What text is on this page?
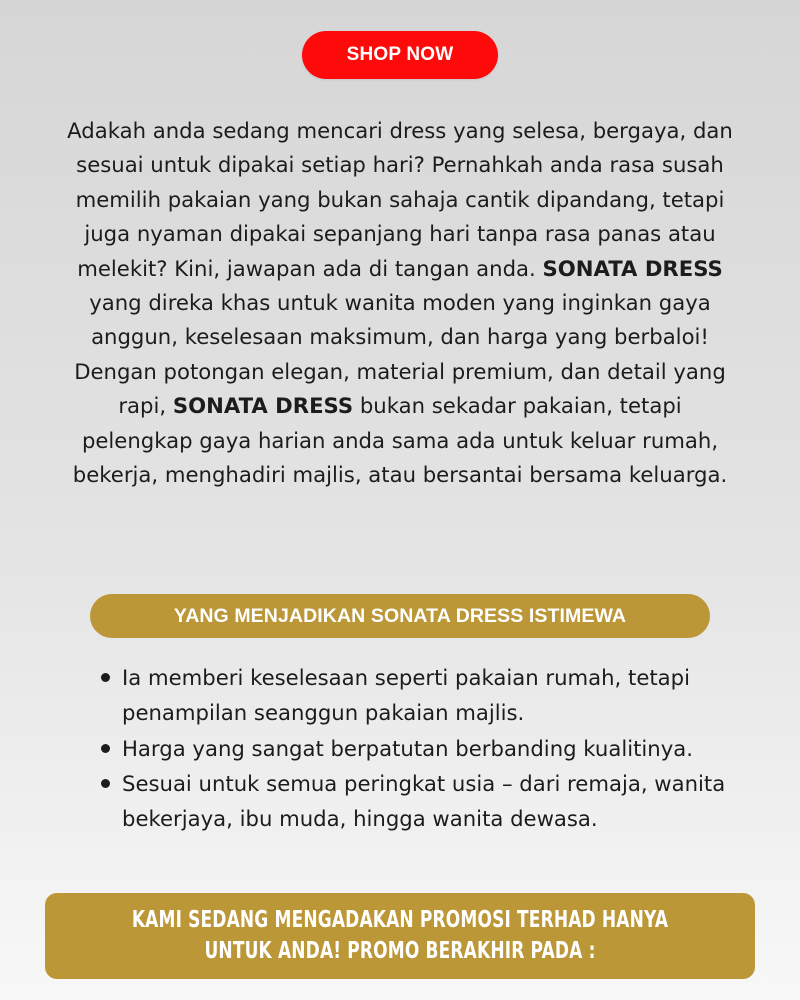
SHOP NOW

Adakah anda sedang mencari dress yang selesa, bergaya, dan sesuai untuk dipakai setiap hari? Pernahkah anda rasa susah memilih pakaian yang bukan sahaja cantik dipandang, tetapi juga nyaman dipakai sepanjang hari tanpa rasa panas atau melekit? Kini, jawapan ada di tangan anda. SONATA DRESS yang direka khas untuk wanita moden yang inginkan gaya anggun, keselesaan maksimum, dan harga yang berbaloi! Dengan potongan elegan, material premium, dan detail yang rapi, SONATA DRESS bukan sekadar pakaian, tetapi pelengkap gaya harian anda sama ada untuk keluar rumah, bekerja, menghadiri majlis, atau bersantai bersama keluarga.

YANG MENJADIKAN SONATA DRESS ISTIMEWA
Ia memberi keselesaan seperti pakaian rumah, tetapi penampilan seanggun pakaian majlis.
Harga yang sangat berpatutan berbanding kualitinya.
Sesuai untuk semua peringkat usia – dari remaja, wanita bekerjaya, ibu muda, hingga wanita dewasa.
KAMI SEDANG MENGADAKAN PROMOSI TERHAD HANYA
UNTUK ANDA! PROMO BERAKHIR PADA :
